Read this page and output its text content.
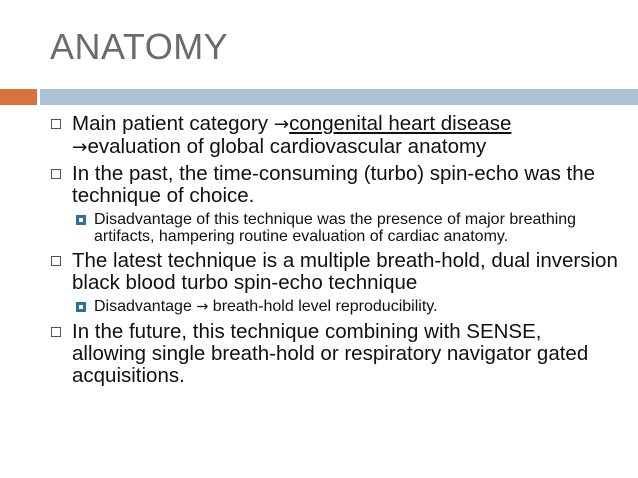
ANATOMY
Main patient category →congenital heart disease
→evaluation of global cardiovascular anatomy
In the past, the time-consuming (turbo) spin-echo was the technique of choice.
Disadvantage of this technique was the presence of major breathing artifacts, hampering routine evaluation of cardiac anatomy.
The latest technique is a multiple breath-hold, dual inversion black blood turbo spin-echo technique
Disadvantage → breath-hold level reproducibility.
In the future, this technique combining with SENSE, allowing single breath-hold or respiratory navigator gated acquisitions.
